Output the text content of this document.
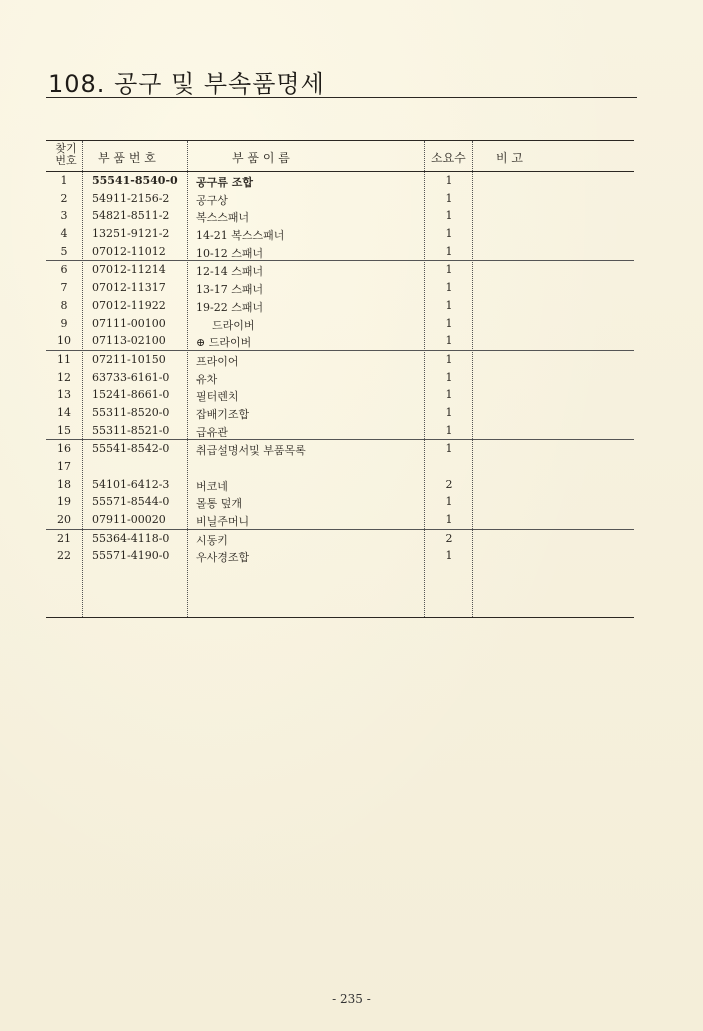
108. 공구 및 부속품명세
찾기 번호	부 품 번 호	부 품 이 름	소요수	비 고
1	55541-8540-0 공구류 조합	1
2	54911-2156-2 공구상	1
3	54821-8511-2 복스스패너	1
4	13251-9121-2 14-21 복스스패너	1
5	07012-11012	10-12 스패너	1
6	07012-11214	12-14 스패너	1
7	07012-11317	13-17 스패너	1
8	07012-11922	19-22 스패너	1
9	07111-00100	드라이버	1
10	07113-02100	⊕ 드라이버	1
11	07211-10150	프라이어	1
12	63733-6161-0 유차	1
13	15241-8661-0 필터렌치	1
14	55311-8520-0 잡배기조합	1
15	55311-8521-0 급유관	1
16	55541-8542-0 취급설명서및 부품목록	1
17
18	54101-6412-3 버코네	2
19	55571-8544-0 몰통 덮개	1
20	07911-00020	비닐주머니	1
21	55364-4118-0 시동키	2
22	55571-4190-0 우사경조합	1
- 235 -
